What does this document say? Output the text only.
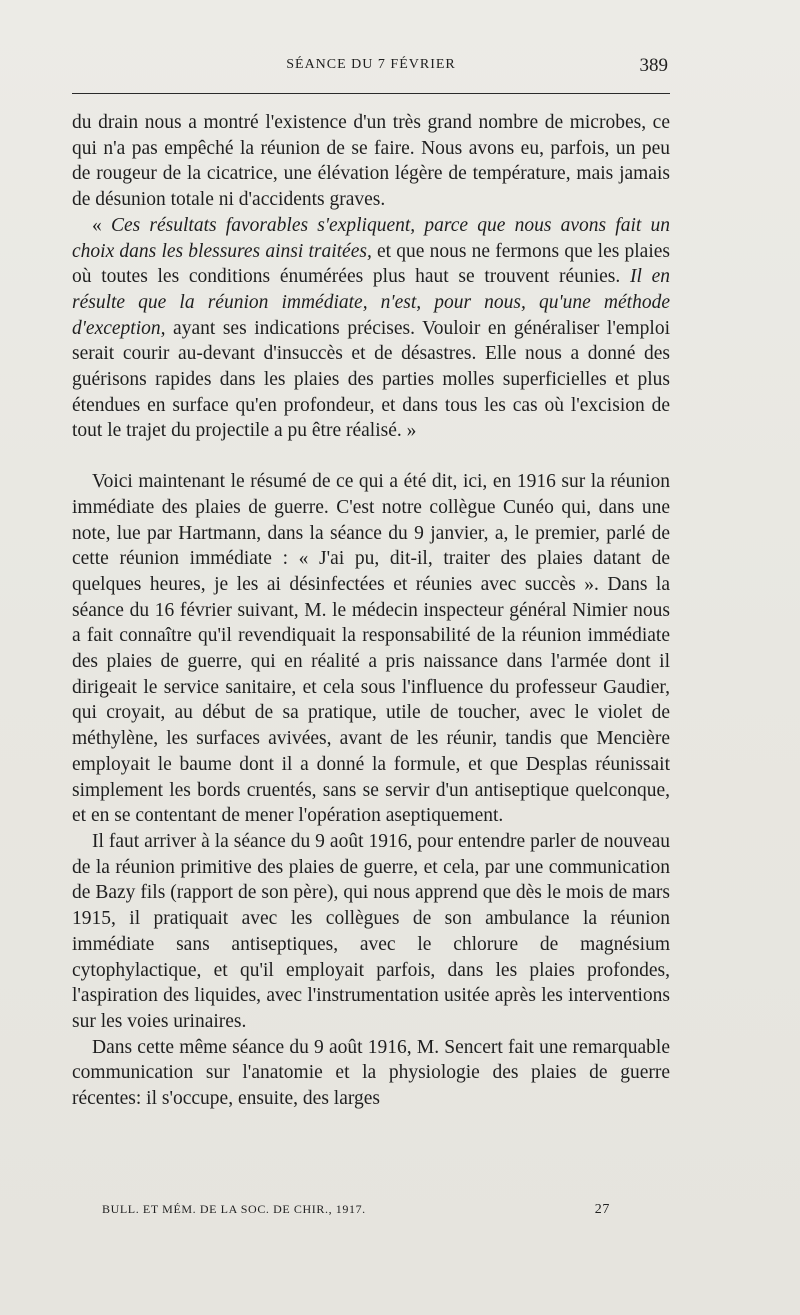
SÉANCE DU 7 FÉVRIER	389

du drain nous a montré l'existence d'un très grand nombre de microbes, ce qui n'a pas empêché la réunion de se faire. Nous avons eu, parfois, un peu de rougeur de la cicatrice, une élévation légère de température, mais jamais de désunion totale ni d'accidents graves.

« Ces résultats favorables s'expliquent, parce que nous avons fait un choix dans les blessures ainsi traitées, et que nous ne fermons que les plaies où toutes les conditions énumérées plus haut se trouvent réunies. Il en résulte que la réunion immédiate, n'est, pour nous, qu'une méthode d'exception, ayant ses indications précises. Vouloir en généraliser l'emploi serait courir au-devant d'insuccès et de désastres. Elle nous a donné des guérisons rapides dans les plaies des parties molles superficielles et plus étendues en surface qu'en profondeur, et dans tous les cas où l'excision de tout le trajet du projectile a pu être réalisé. »

Voici maintenant le résumé de ce qui a été dit, ici, en 1916 sur la réunion immédiate des plaies de guerre. C'est notre collègue Cunéo qui, dans une note, lue par Hartmann, dans la séance du 9 janvier, a, le premier, parlé de cette réunion immédiate : « J'ai pu, dit-il, traiter des plaies datant de quelques heures, je les ai désinfectées et réunies avec succès ». Dans la séance du 16 février suivant, M. le médecin inspecteur général Nimier nous a fait connaître qu'il revendiquait la responsabilité de la réunion immédiate des plaies de guerre, qui en réalité a pris naissance dans l'armée dont il dirigeait le service sanitaire, et cela sous l'influence du professeur Gaudier, qui croyait, au début de sa pratique, utile de toucher, avec le violet de méthylène, les surfaces avivées, avant de les réunir, tandis que Mencière employait le baume dont il a donné la formule, et que Desplas réunissait simplement les bords cruentés, sans se servir d'un antiseptique quelconque, et en se contentant de mener l'opération aseptiquement.

Il faut arriver à la séance du 9 août 1916, pour entendre parler de nouveau de la réunion primitive des plaies de guerre, et cela, par une communication de Bazy fils (rapport de son père), qui nous apprend que dès le mois de mars 1915, il pratiquait avec les collègues de son ambulance la réunion immédiate sans antiseptiques, avec le chlorure de magnésium cytophylactique, et qu'il employait parfois, dans les plaies profondes, l'aspiration des liquides, avec l'instrumentation usitée après les interventions sur les voies urinaires.

Dans cette même séance du 9 août 1916, M. Sencert fait une remarquable communication sur l'anatomie et la physiologie des plaies de guerre récentes: il s'occupe, ensuite, des larges

BULL. ET MÉM. DE LA SOC. DE CHIR., 1917.	27
